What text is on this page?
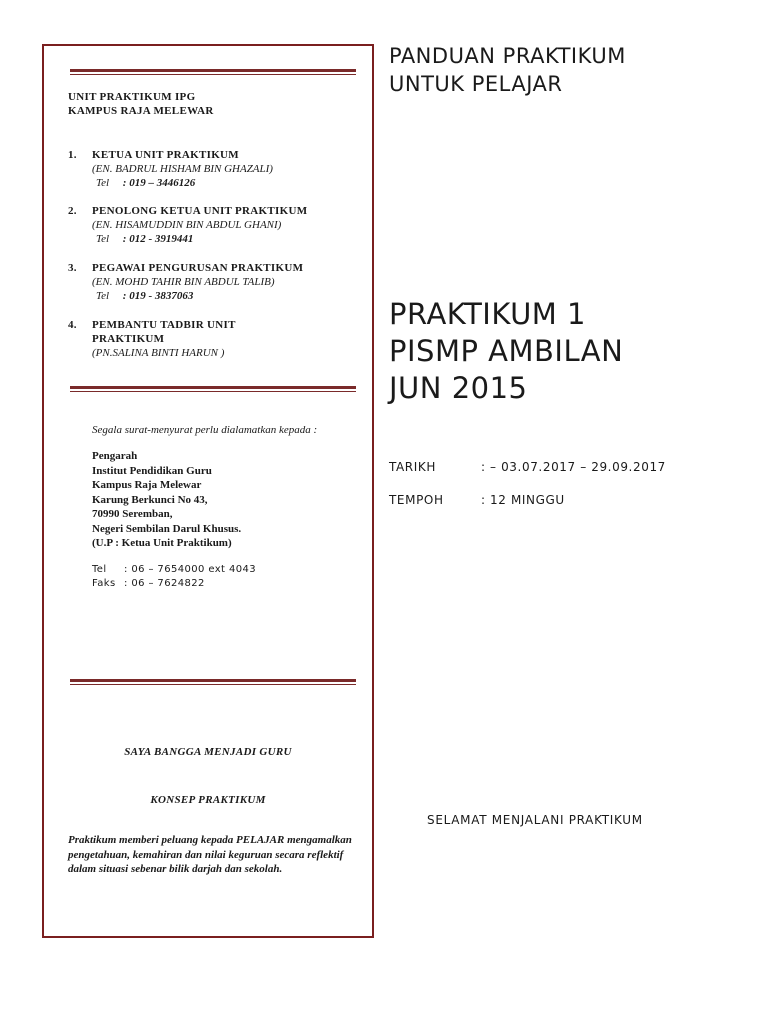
UNIT PRAKTIKUM IPG
KAMPUS RAJA MELEWAR
1. KETUA UNIT PRAKTIKUM
(EN. BADRUL HISHAM BIN GHAZALI)
Tel : 019 – 3446126
2. PENOLONG KETUA UNIT PRAKTIKUM
(EN. HISAMUDDIN BIN ABDUL GHANI)
Tel : 012 - 3919441
3. PEGAWAI PENGURUSAN PRAKTIKUM
(EN. MOHD TAHIR BIN ABDUL TALIB)
Tel : 019 - 3837063
4. PEMBANTU TADBIR UNIT
PRAKTIKUM
(PN.SALINA BINTI HARUN )
Segala surat-menyurat perlu dialamatkan kepada :
Pengarah
Institut Pendidikan Guru
Kampus Raja Melewar
Karung Berkunci No 43,
70990 Seremban,
Negeri Sembilan Darul Khusus.
(U.P : Ketua Unit Praktikum)
Tel : 06 – 7654000 ext 4043
Faks : 06 – 7624822
SAYA BANGGA MENJADI GURU
KONSEP PRAKTIKUM
Praktikum memberi peluang kepada PELAJAR mengamalkan pengetahuan, kemahiran dan nilai keguruan secara reflektif dalam situasi sebenar bilik darjah dan sekolah.
PANDUAN PRAKTIKUM
UNTUK PELAJAR
PRAKTIKUM 1
PISMP AMBILAN
JUN 2015
TARIKH	: – 03.07.2017 – 29.09.2017
TEMPOH	: 12 MINGGU
SELAMAT MENJALANI PRAKTIKUM
